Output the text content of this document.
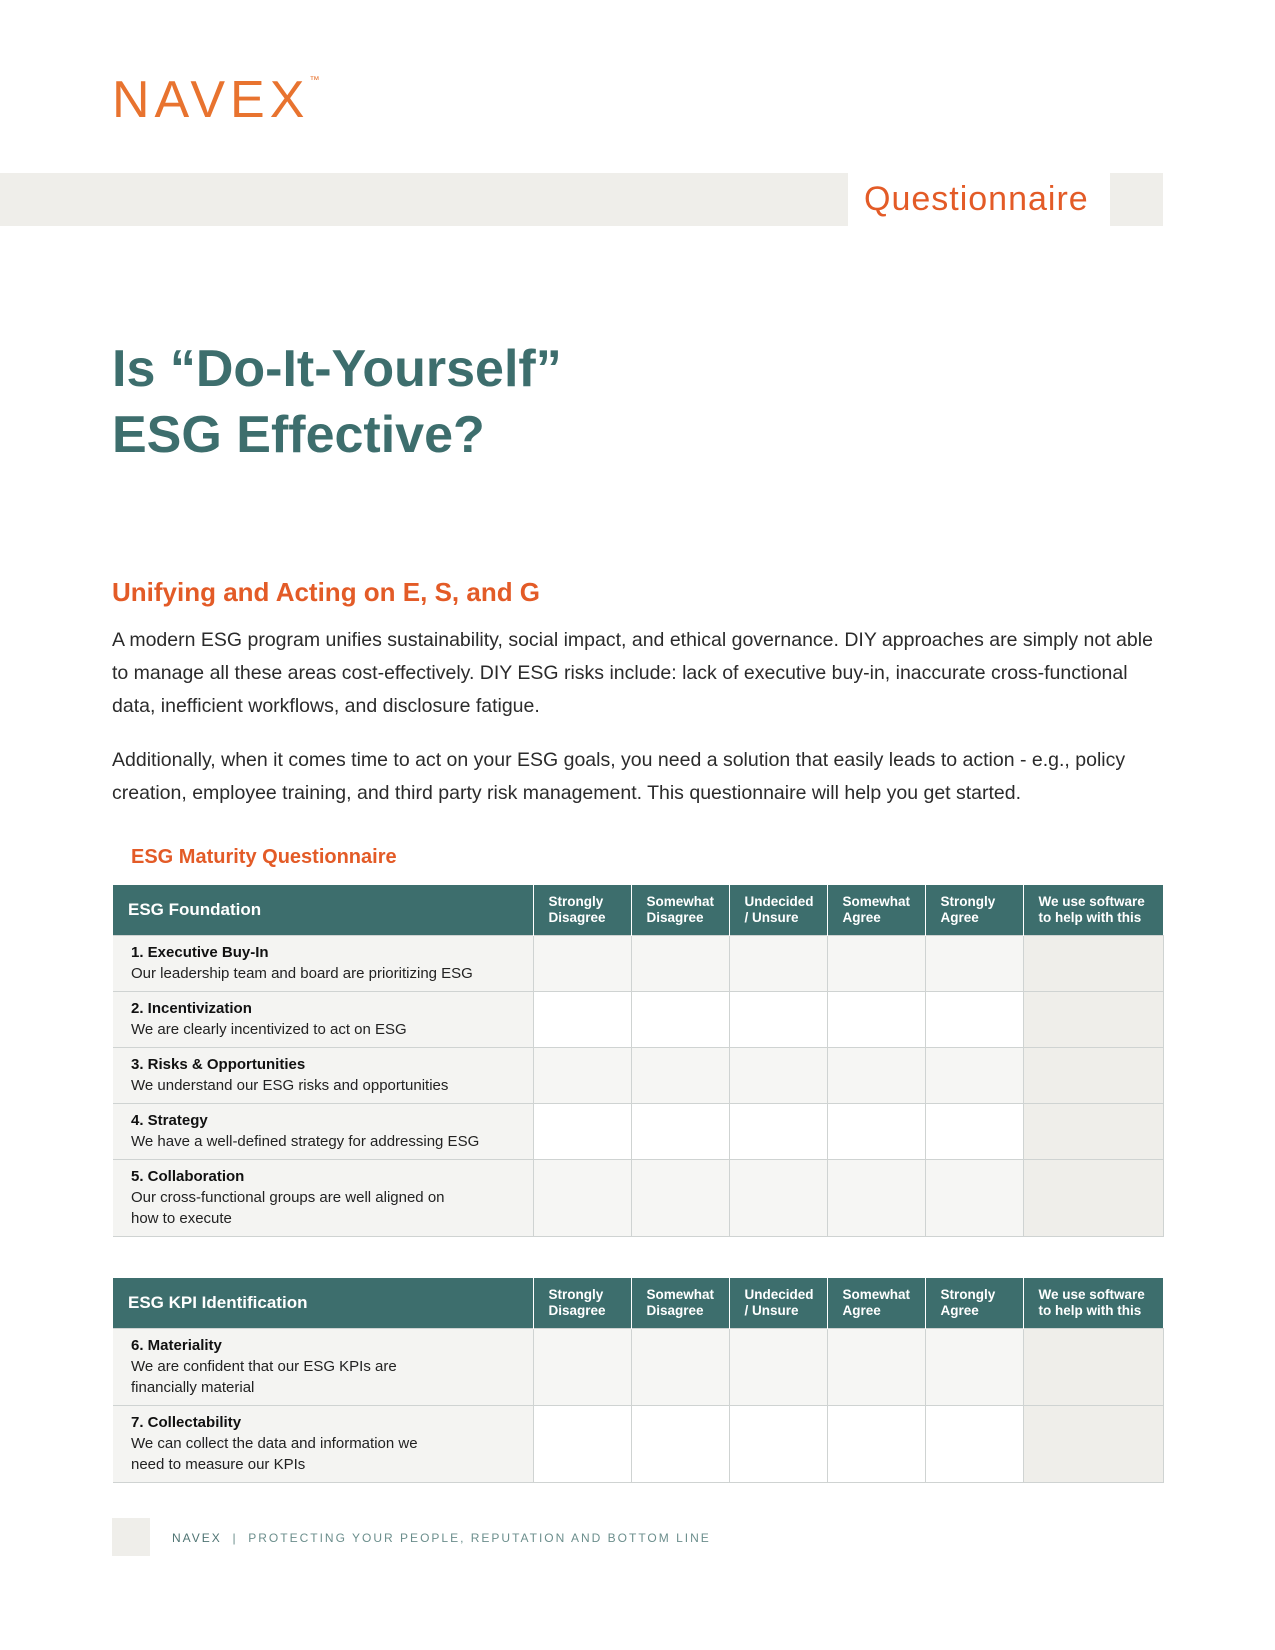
NAVEX™
Questionnaire
Is “Do-It-Yourself”
ESG Effective?
Unifying and Acting on E, S, and G

A modern ESG program unifies sustainability, social impact, and ethical governance. DIY approaches are simply not able to manage all these areas cost-effectively. DIY ESG risks include: lack of executive buy-in, inaccurate cross-functional data, inefficient workflows, and disclosure fatigue.

Additionally, when it comes time to act on your ESG goals, you need a solution that easily leads to action - e.g., policy creation, employee training, and third party risk management. This questionnaire will help you get started.

ESG Maturity Questionnaire
ESG Foundation	Strongly Disagree	Somewhat Disagree	Undecided / Unsure	Somewhat Agree	Strongly Agree	We use software to help with this

1. Executive Buy-In
Our leadership team and board are prioritizing ESG						

2. Incentivization
We are clearly incentivized to act on ESG						

3. Risks & Opportunities
We understand our ESG risks and opportunities						

4. Strategy
We have a well-defined strategy for addressing ESG						

5. Collaboration
Our cross-functional groups are well aligned on how to execute						

ESG KPI Identification	Strongly Disagree	Somewhat Disagree	Undecided / Unsure	Somewhat Agree	Strongly Agree	We use software to help with this

6. Materiality
We are confident that our ESG KPIs are financially material						

7. Collectability
We can collect the data and information we need to measure our KPIs						

NAVEX | PROTECTING YOUR PEOPLE, REPUTATION AND BOTTOM LINE
